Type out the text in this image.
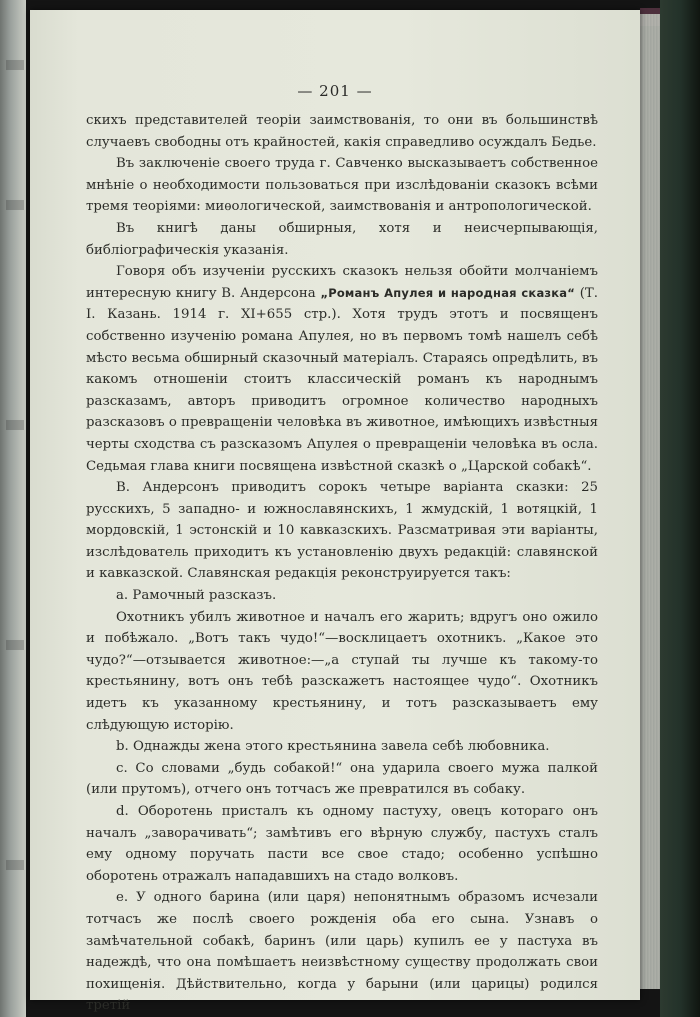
— 201 —

скихъ представителей теоріи заимствованія, то они въ большинствѣ случаевъ свободны отъ крайностей, какія справедливо осуждалъ Бедье.

Въ заключеніе своего труда г. Савченко высказываетъ собственное мнѣніе о необходимости пользоваться при изслѣдованіи сказокъ всѣми тремя теоріями: миѳологической, заимствованія и антропологической.

Въ книгѣ даны обширныя, хотя и неисчерпывающія, библіографическія указанія.

Говоря объ изученіи русскихъ сказокъ нельзя обойти молчаніемъ интересную книгу В. Андерсона „Романъ Апулея и народная сказка“ (Т. I. Казань. 1914 г. XI+655 стр.). Хотя трудъ этотъ и посвященъ собственно изученію романа Апулея, но въ первомъ томѣ нашелъ себѣ мѣсто весьма обширный сказочный матеріалъ. Стараясь опредѣлить, въ какомъ отношеніи стоитъ классическій романъ къ народнымъ разсказамъ, авторъ приводитъ огромное количество народныхъ разсказовъ о превращеніи человѣка въ животное, имѣющихъ извѣстныя черты сходства съ разсказомъ Апулея о превращеніи человѣка въ осла. Седьмая глава книги посвящена извѣстной сказкѣ о „Царской собакѣ“.

В. Андерсонъ приводитъ сорокъ четыре варіанта сказки: 25 русскихъ, 5 западно- и южнославянскихъ, 1 жмудскій, 1 вотяцкій, 1 мордовскій, 1 эстонскій и 10 кавказскихъ. Разсматривая эти варіанты, изслѣдователь приходитъ къ установленію двухъ редакцій: славянской и кавказской. Славянская редакція реконструируется такъ:

a. Рамочный разсказъ.

Охотникъ убилъ животное и началъ его жарить; вдругъ оно ожило и побѣжало. „Вотъ такъ чудо!“—восклицаетъ охотникъ. „Какое это чудо?“—отзывается животное:—„а ступай ты лучше къ такому-то крестьянину, вотъ онъ тебѣ разскажетъ настоящее чудо“. Охотникъ идетъ къ указанному крестьянину, и тотъ разсказываетъ ему слѣдующую исторію.

b. Однажды жена этого крестьянина завела себѣ любовника.

c. Со словами „будь собакой!“ она ударила своего мужа палкой (или прутомъ), отчего онъ тотчасъ же превратился въ собаку.

d. Оборотень присталъ къ одному пастуху, овецъ котораго онъ началъ „заворачивать“; замѣтивъ его вѣрную службу, пастухъ сталъ ему одному поручать пасти все свое стадо; особенно успѣшно оборотень отражалъ нападавшихъ на стадо волковъ.

e. У одного барина (или царя) непонятнымъ образомъ исчезали тотчасъ же послѣ своего рожденія оба его сына. Узнавъ о замѣчательной собакѣ, баринъ (или царь) купилъ ее у пастуха въ надеждѣ, что она помѣшаетъ неизвѣстному существу продолжать свои похищенія. Дѣйствительно, когда у барыни (или царицы) родился третій
